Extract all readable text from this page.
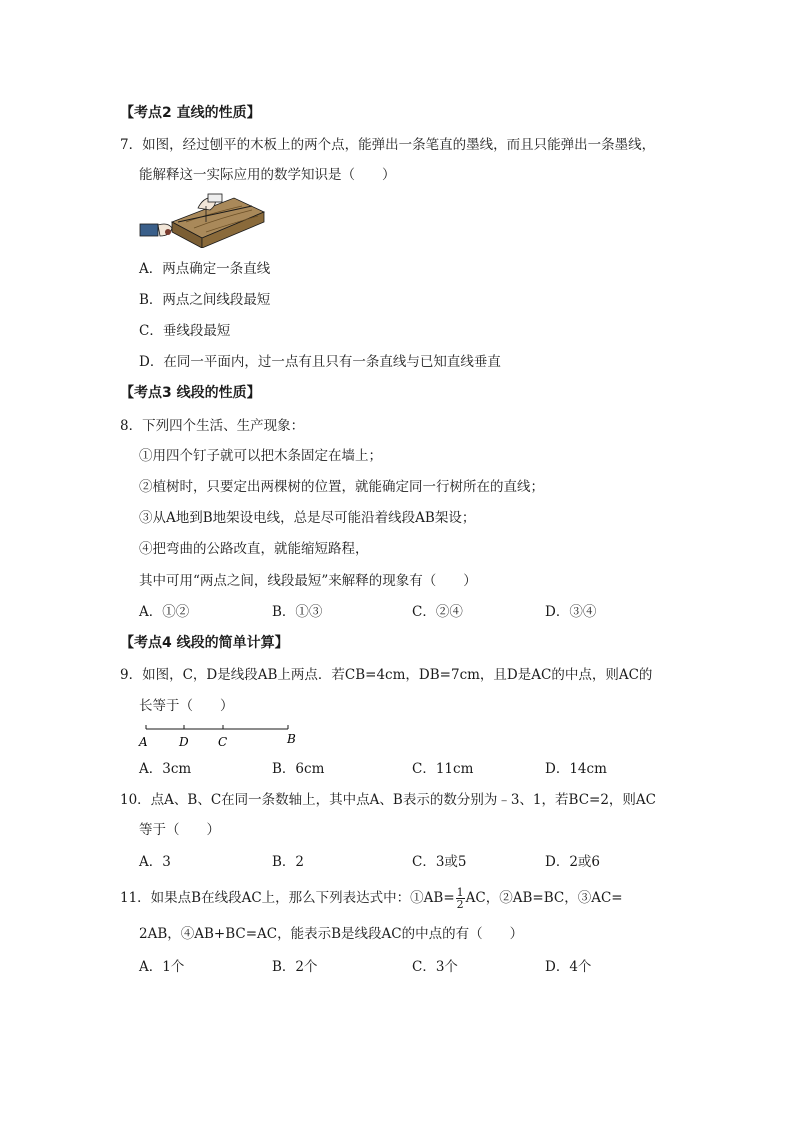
【考点2 直线的性质】
7．如图，经过刨平的木板上的两个点，能弹出一条笔直的墨线，而且只能弹出一条墨线，
能解释这一实际应用的数学知识是（　　）
A．两点确定一条直线
B．两点之间线段最短
C．垂线段最短
D．在同一平面内，过一点有且只有一条直线与已知直线垂直
【考点3 线段的性质】
8．下列四个生活、生产现象：
①用四个钉子就可以把木条固定在墙上；
②植树时，只要定出两棵树的位置，就能确定同一行树所在的直线；
③从A地到B地架设电线，总是尽可能沿着线段AB架设；
④把弯曲的公路改直，就能缩短路程，
其中可用“两点之间，线段最短”来解释的现象有（　　）
A．①②	B．①③	C．②④	D．③④
【考点4 线段的简单计算】
9．如图，C，D是线段AB上两点．若CB=4cm，DB=7cm，且D是AC的中点，则AC的
长等于（　　）
A	D C	B
A．3cm	B．6cm	C．11cm	D．14cm
10．点A、B、C在同一条数轴上，其中点A、B表示的数分别为﹣3、1，若BC=2，则AC
等于（　　）
A．3	B．2	C．3或5	D．2或6
11．如果点B在线段AC上，那么下列表达式中：①AB= $\frac{1}{2}$ AC，②AB=BC，③AC=
2AB，④AB+BC=AC，能表示B是线段AC的中点的有（　　）
A．1个	B．2个	C．3个	D．4个
